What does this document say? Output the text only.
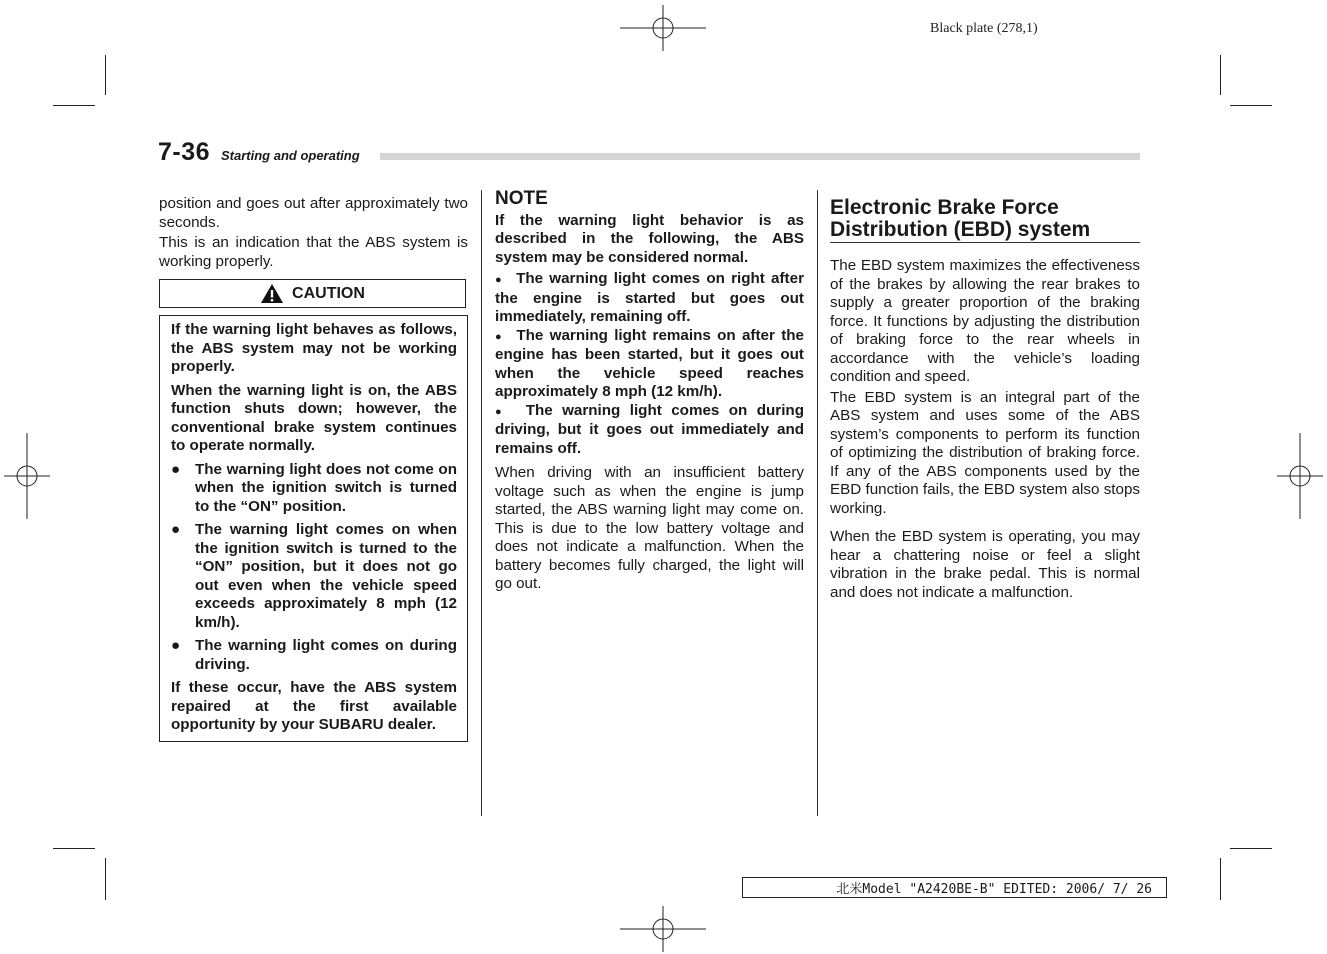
Black plate (278,1)
7-36 Starting and operating

position and goes out after approximately two seconds.

This is an indication that the ABS system is working properly.

CAUTION

If the warning light behaves as follows, the ABS system may not be working properly.

When the warning light is on, the ABS function shuts down; however, the conventional brake system continues to operate normally.

● The warning light does not come on when the ignition switch is turned to the “ON” position.
● The warning light comes on when the ignition switch is turned to the “ON” position, but it does not go out even when the vehicle speed exceeds approximately 8 mph (12 km/h).
● The warning light comes on during driving.

If these occur, have the ABS system repaired at the first available opportunity by your SUBARU dealer.

NOTE

If the warning light behavior is as described in the following, the ABS system may be considered normal.

● The warning light comes on right after the engine is started but goes out immediately, remaining off.

● The warning light remains on after the engine has been started, but it goes out when the vehicle speed reaches approximately 8 mph (12 km/h).

● The warning light comes on during driving, but it goes out immediately and remains off.

When driving with an insufficient battery voltage such as when the engine is jump started, the ABS warning light may come on. This is due to the low battery voltage and does not indicate a malfunction. When the battery becomes fully charged, the light will go out.

Electronic Brake Force Distribution (EBD) system

The EBD system maximizes the effectiveness of the brakes by allowing the rear brakes to supply a greater proportion of the braking force. It functions by adjusting the distribution of braking force to the rear wheels in accordance with the vehicle’s loading condition and speed.

The EBD system is an integral part of the ABS system and uses some of the ABS system’s components to perform its function of optimizing the distribution of braking force. If any of the ABS components used by the EBD function fails, the EBD system also stops working.

When the EBD system is operating, you may hear a chattering noise or feel a slight vibration in the brake pedal. This is normal and does not indicate a malfunction.

北米Model "A2420BE-B" EDITED: 2006/ 7/ 26
